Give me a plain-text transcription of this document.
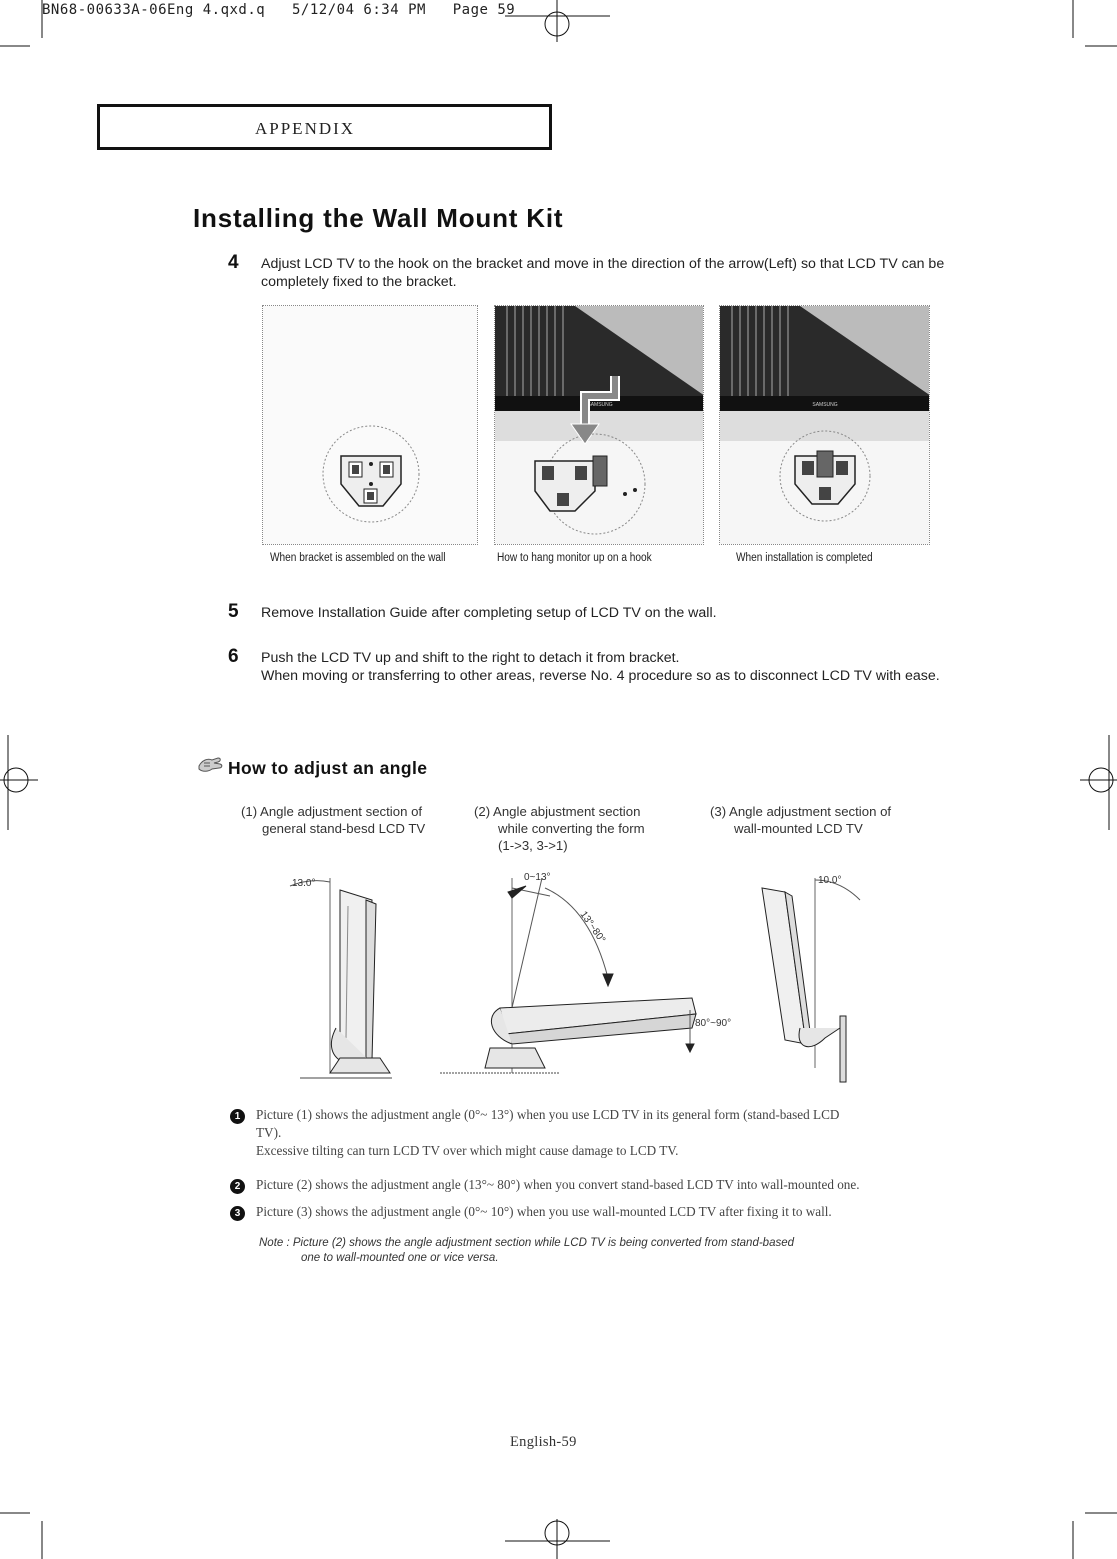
BN68-00633A-06Eng 4.qxd.q   5/12/04 6:34 PM   Page 59
APPENDIX
Installing the Wall Mount Kit
4 Adjust LCD TV to the hook on the bracket and move in the direction of the arrow(Left) so that LCD TV can be
completely fixed to the bracket.
SAMSUNG	SAMSUNG
When bracket is assembled on the wall	How to hang monitor up on a hook	When installation is completed
5 Remove Installation Guide after completing setup of LCD TV on the wall.
6 Push the LCD TV up and shift to the right to detach it from bracket.
When moving or transferring to other areas, reverse No. 4 procedure so as to disconnect LCD TV with ease.
How to adjust an angle
(1) Angle adjustment section of
general stand-besd LCD TV
(2) Angle abjustment section
while converting the form
(1->3, 3->1)
(3) Angle adjustment section of
wall-mounted LCD TV
13.0°
0~13°
13°~80°
80°~90°
10.0°
1	Picture (1) shows the adjustment angle (0°~ 13°) when you use LCD TV in its general form (stand-based LCD
TV).
Excessive tilting can turn LCD TV over which might cause damage to LCD TV.
2	Picture (2) shows the adjustment angle (13°~ 80°) when you convert stand-based LCD TV into wall-mounted one.
3	Picture (3) shows the adjustment angle (0°~ 10°) when you use wall-mounted LCD TV after fixing it to wall.
Note : Picture (2) shows the angle adjustment section while LCD TV is being converted from stand-based
one to wall-mounted one or vice versa.
English-59
